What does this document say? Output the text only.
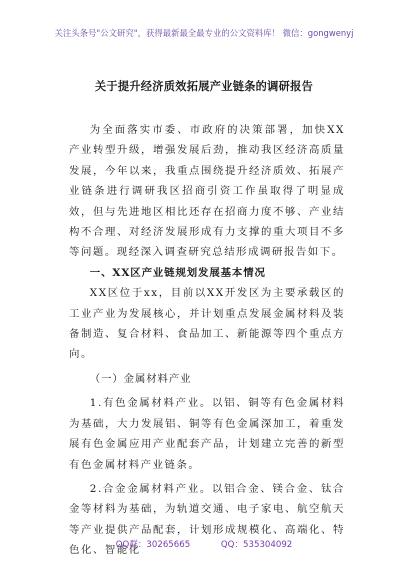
关注头条号"公文研究"，获得最新最全最专业的公文资料库！ 微信：gongwenyj
关于提升经济质效拓展产业链条的调研报告

为全面落实市委、市政府的决策部署，加快XX产业转型升级，增强发展后劲，推动我区经济高质量发展，今年以来，我重点围绕提升经济质效、拓展产业链条进行调研我区招商引资工作虽取得了明显成效，但与先进地区相比还存在招商力度不够、产业结构不合理、对经济发展形成有力支撑的重大项目不多等问题。现经深入调查研究总结形成调研报告如下。

一、XX区产业链规划发展基本情况

XX区位于xx，目前以XX开发区为主要承载区的工业产业为发展核心，并计划重点发展金属材料及装备制造、复合材料、食品加工、新能源等四个重点方向。

（一）金属材料产业

1.有色金属材料产业。以铝、铜等有色金属材料为基础，大力发展铝、铜等有色金属深加工，着重发展有色金属应用产业配套产品，计划建立完善的新型有色金属材料产业链条。

2.合金金属材料产业。以铝合金、镁合金、钛合金等材料为基础，为轨道交通、电子家电、航空航天等产业提供产品配套，计划形成规模化、高端化、特色化、智能化

QQ群：30265665	QQ：535304092
